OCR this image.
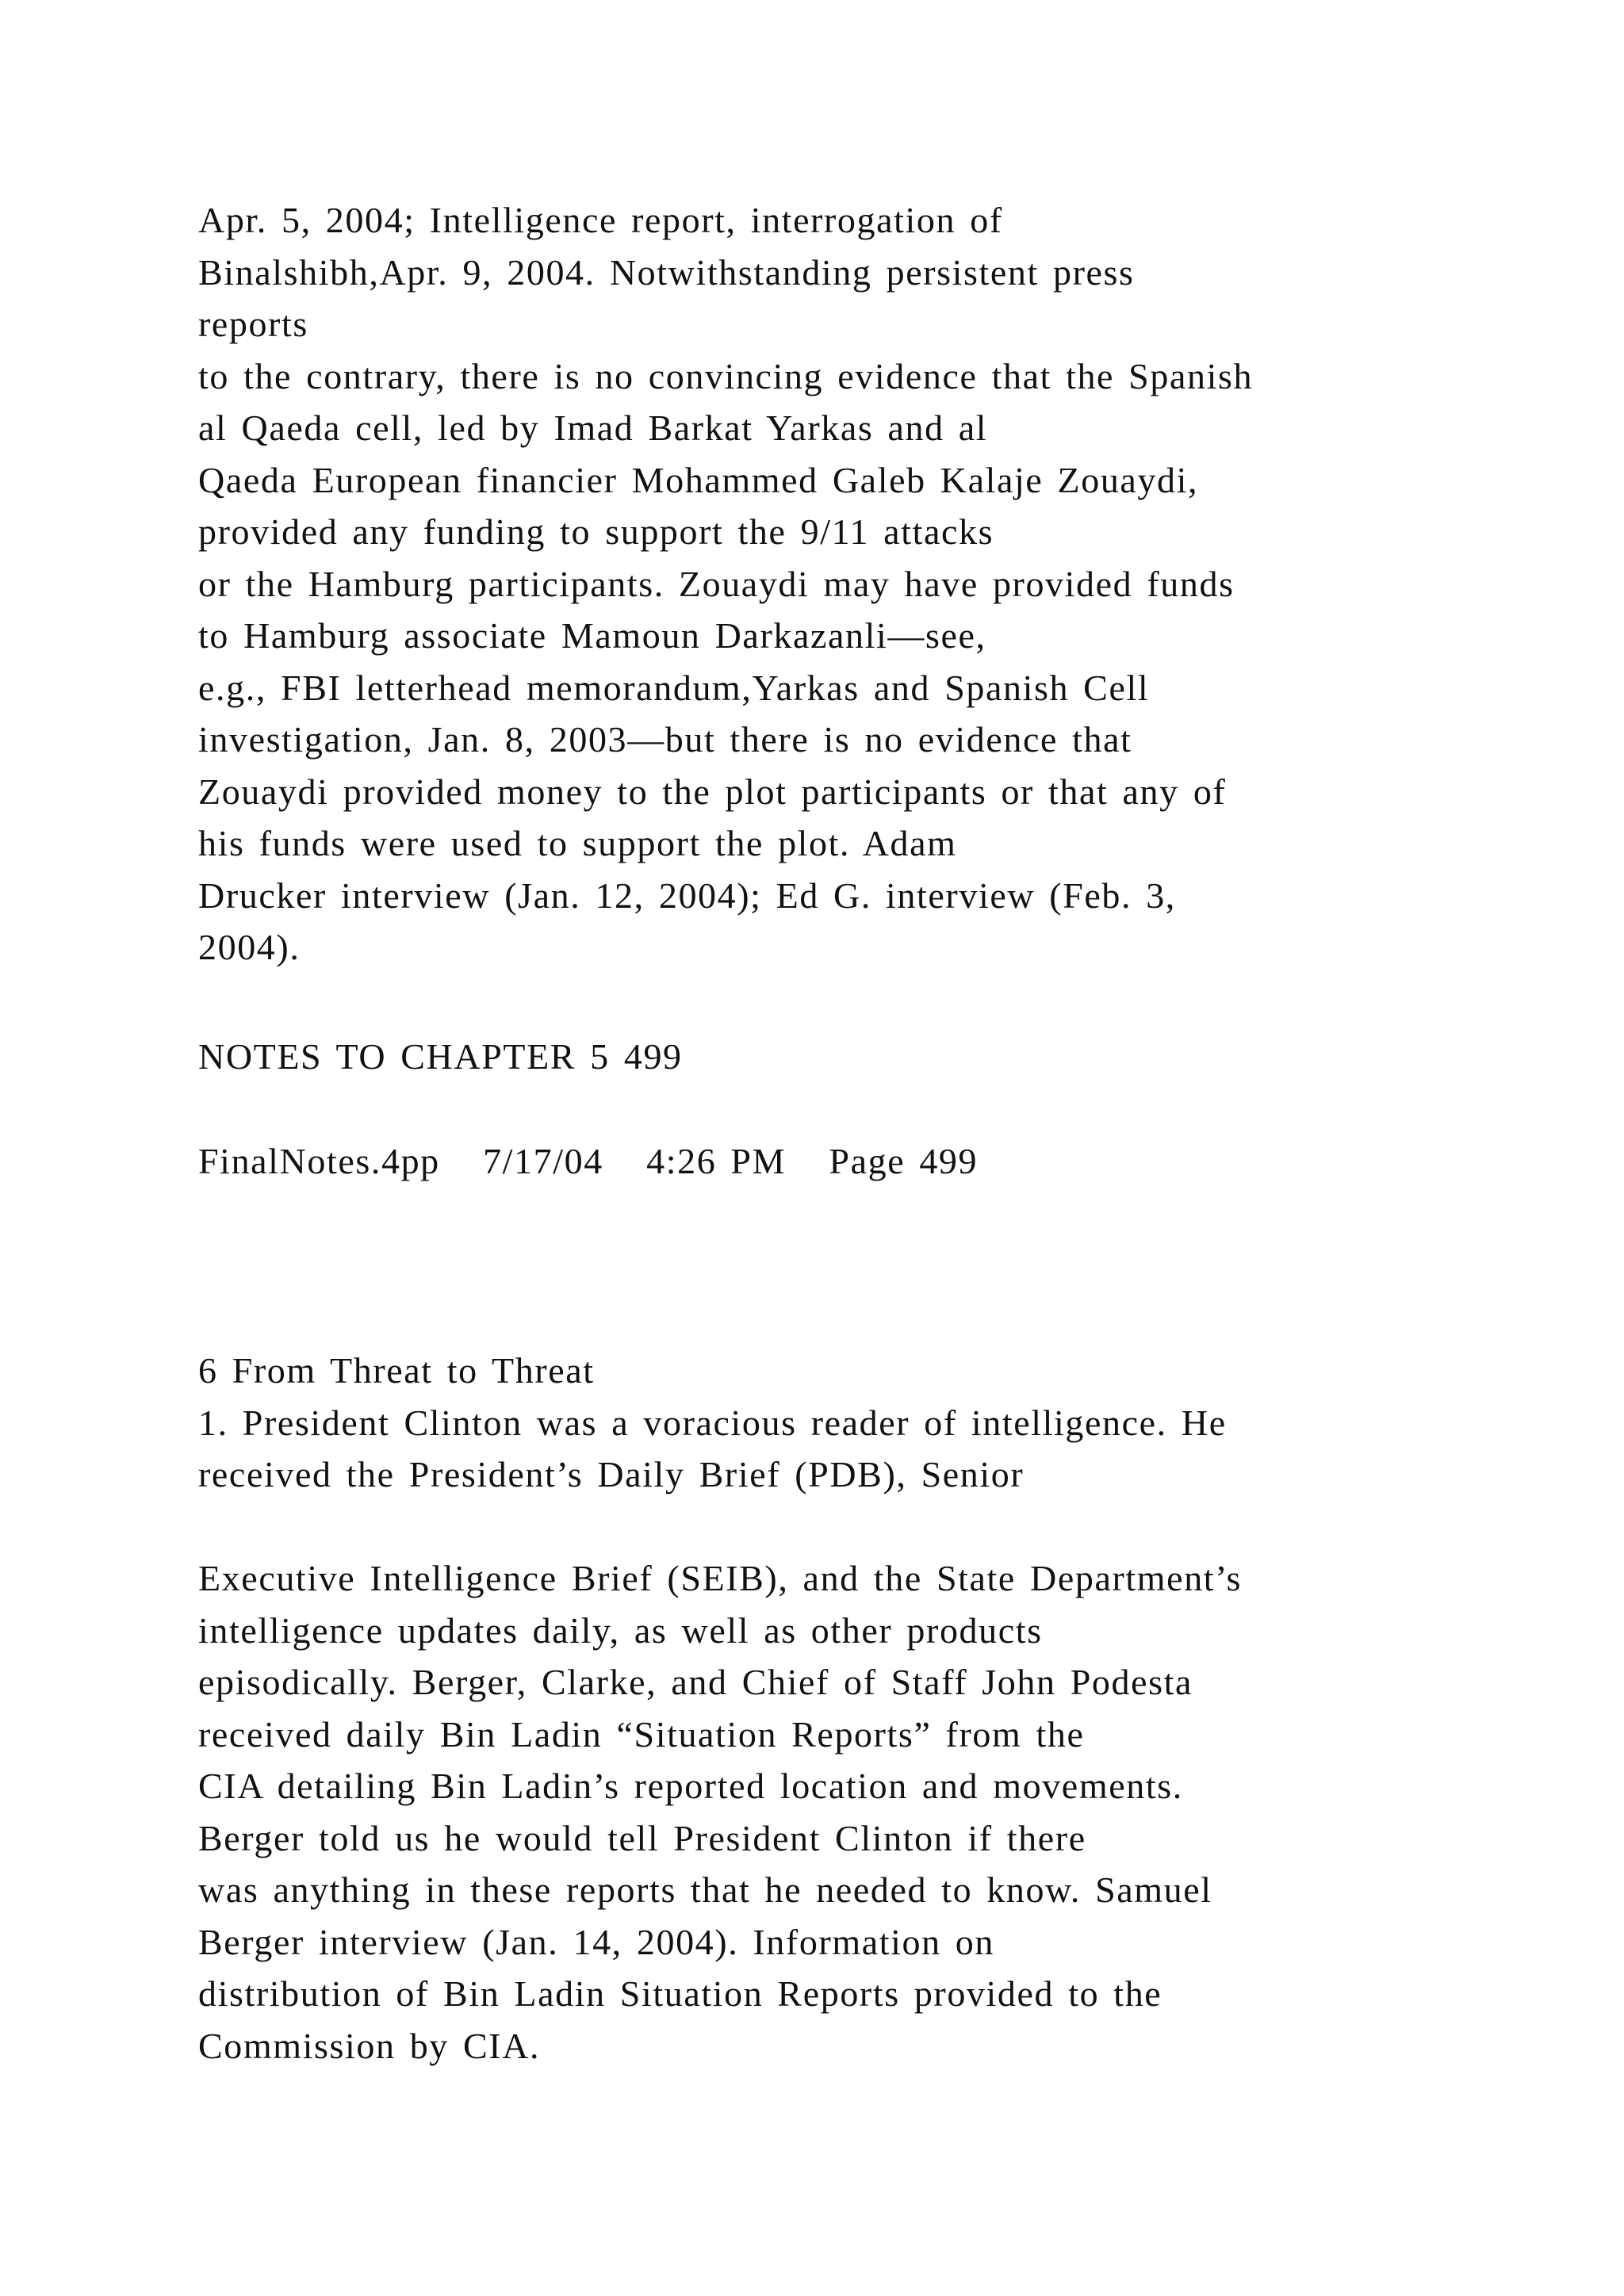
Apr. 5, 2004; Intelligence report, interrogation of
Binalshibh,Apr. 9, 2004. Notwithstanding persistent press
reports
to the contrary, there is no convincing evidence that the Spanish
al Qaeda cell, led by Imad Barkat Yarkas and al
Qaeda European financier Mohammed Galeb Kalaje Zouaydi,
provided any funding to support the 9/11 attacks
or the Hamburg participants. Zouaydi may have provided funds
to Hamburg associate Mamoun Darkazanli—see,
e.g., FBI letterhead memorandum,Yarkas and Spanish Cell
investigation, Jan. 8, 2003—but there is no evidence that
Zouaydi provided money to the plot participants or that any of
his funds were used to support the plot. Adam
Drucker interview (Jan. 12, 2004); Ed G. interview (Feb. 3,
2004).
NOTES TO CHAPTER 5 499
FinalNotes.4pp   7/17/04   4:26 PM   Page 499
6 From Threat to Threat
1. President Clinton was a voracious reader of intelligence. He
received the President’s Daily Brief (PDB), Senior
Executive Intelligence Brief (SEIB), and the State Department’s
intelligence updates daily, as well as other products
episodically. Berger, Clarke, and Chief of Staff John Podesta
received daily Bin Ladin “Situation Reports” from the
CIA detailing Bin Ladin’s reported location and movements.
Berger told us he would tell President Clinton if there
was anything in these reports that he needed to know. Samuel
Berger interview (Jan. 14, 2004). Information on
distribution of Bin Ladin Situation Reports provided to the
Commission by CIA.
